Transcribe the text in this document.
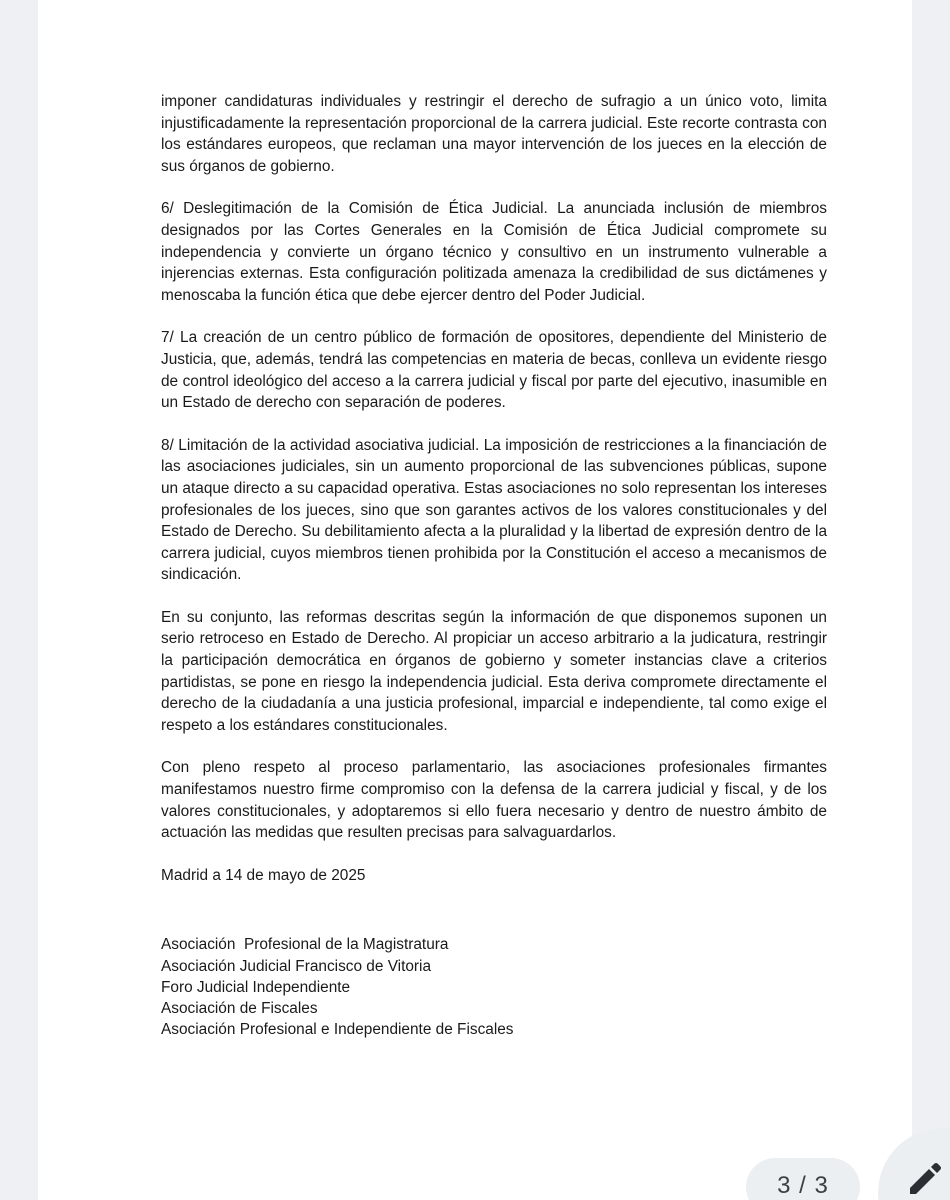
imponer candidaturas individuales y restringir el derecho de sufragio a un único voto, limita injustificadamente la representación proporcional de la carrera judicial. Este recorte contrasta con los estándares europeos, que reclaman una mayor intervención de los jueces en la elección de sus órganos de gobierno.

6/ Deslegitimación de la Comisión de Ética Judicial. La anunciada inclusión de miembros designados por las Cortes Generales en la Comisión de Ética Judicial compromete su independencia y convierte un órgano técnico y consultivo en un instrumento vulnerable a injerencias externas. Esta configuración politizada amenaza la credibilidad de sus dictámenes y menoscaba la función ética que debe ejercer dentro del Poder Judicial.

7/ La creación de un centro público de formación de opositores, dependiente del Ministerio de Justicia, que, además, tendrá las competencias en materia de becas, conlleva un evidente riesgo de control ideológico del acceso a la carrera judicial y fiscal por parte del ejecutivo, inasumible en un Estado de derecho con separación de poderes.

8/ Limitación de la actividad asociativa judicial. La imposición de restricciones a la financiación de las asociaciones judiciales, sin un aumento proporcional de las subvenciones públicas, supone un ataque directo a su capacidad operativa. Estas asociaciones no solo representan los intereses profesionales de los jueces, sino que son garantes activos de los valores constitucionales y del Estado de Derecho. Su debilitamiento afecta a la pluralidad y la libertad de expresión dentro de la carrera judicial, cuyos miembros tienen prohibida por la Constitución el acceso a mecanismos de sindicación.

En su conjunto, las reformas descritas según la información de que disponemos suponen un serio retroceso en Estado de Derecho. Al propiciar un acceso arbitrario a la judicatura, restringir la participación democrática en órganos de gobierno y someter instancias clave a criterios partidistas, se pone en riesgo la independencia judicial. Esta deriva compromete directamente el derecho de la ciudadanía a una justicia profesional, imparcial e independiente, tal como exige el respeto a los estándares constitucionales.

Con pleno respeto al proceso parlamentario, las asociaciones profesionales firmantes manifestamos nuestro firme compromiso con la defensa de la carrera judicial y fiscal, y de los valores constitucionales, y adoptaremos si ello fuera necesario y dentro de nuestro ámbito de actuación las medidas que resulten precisas para salvaguardarlos.

Madrid a 14 de mayo de 2025

Asociación  Profesional de la Magistratura
Asociación Judicial Francisco de Vitoria
Foro Judicial Independiente
Asociación de Fiscales
Asociación Profesional e Independiente de Fiscales
3 / 3
